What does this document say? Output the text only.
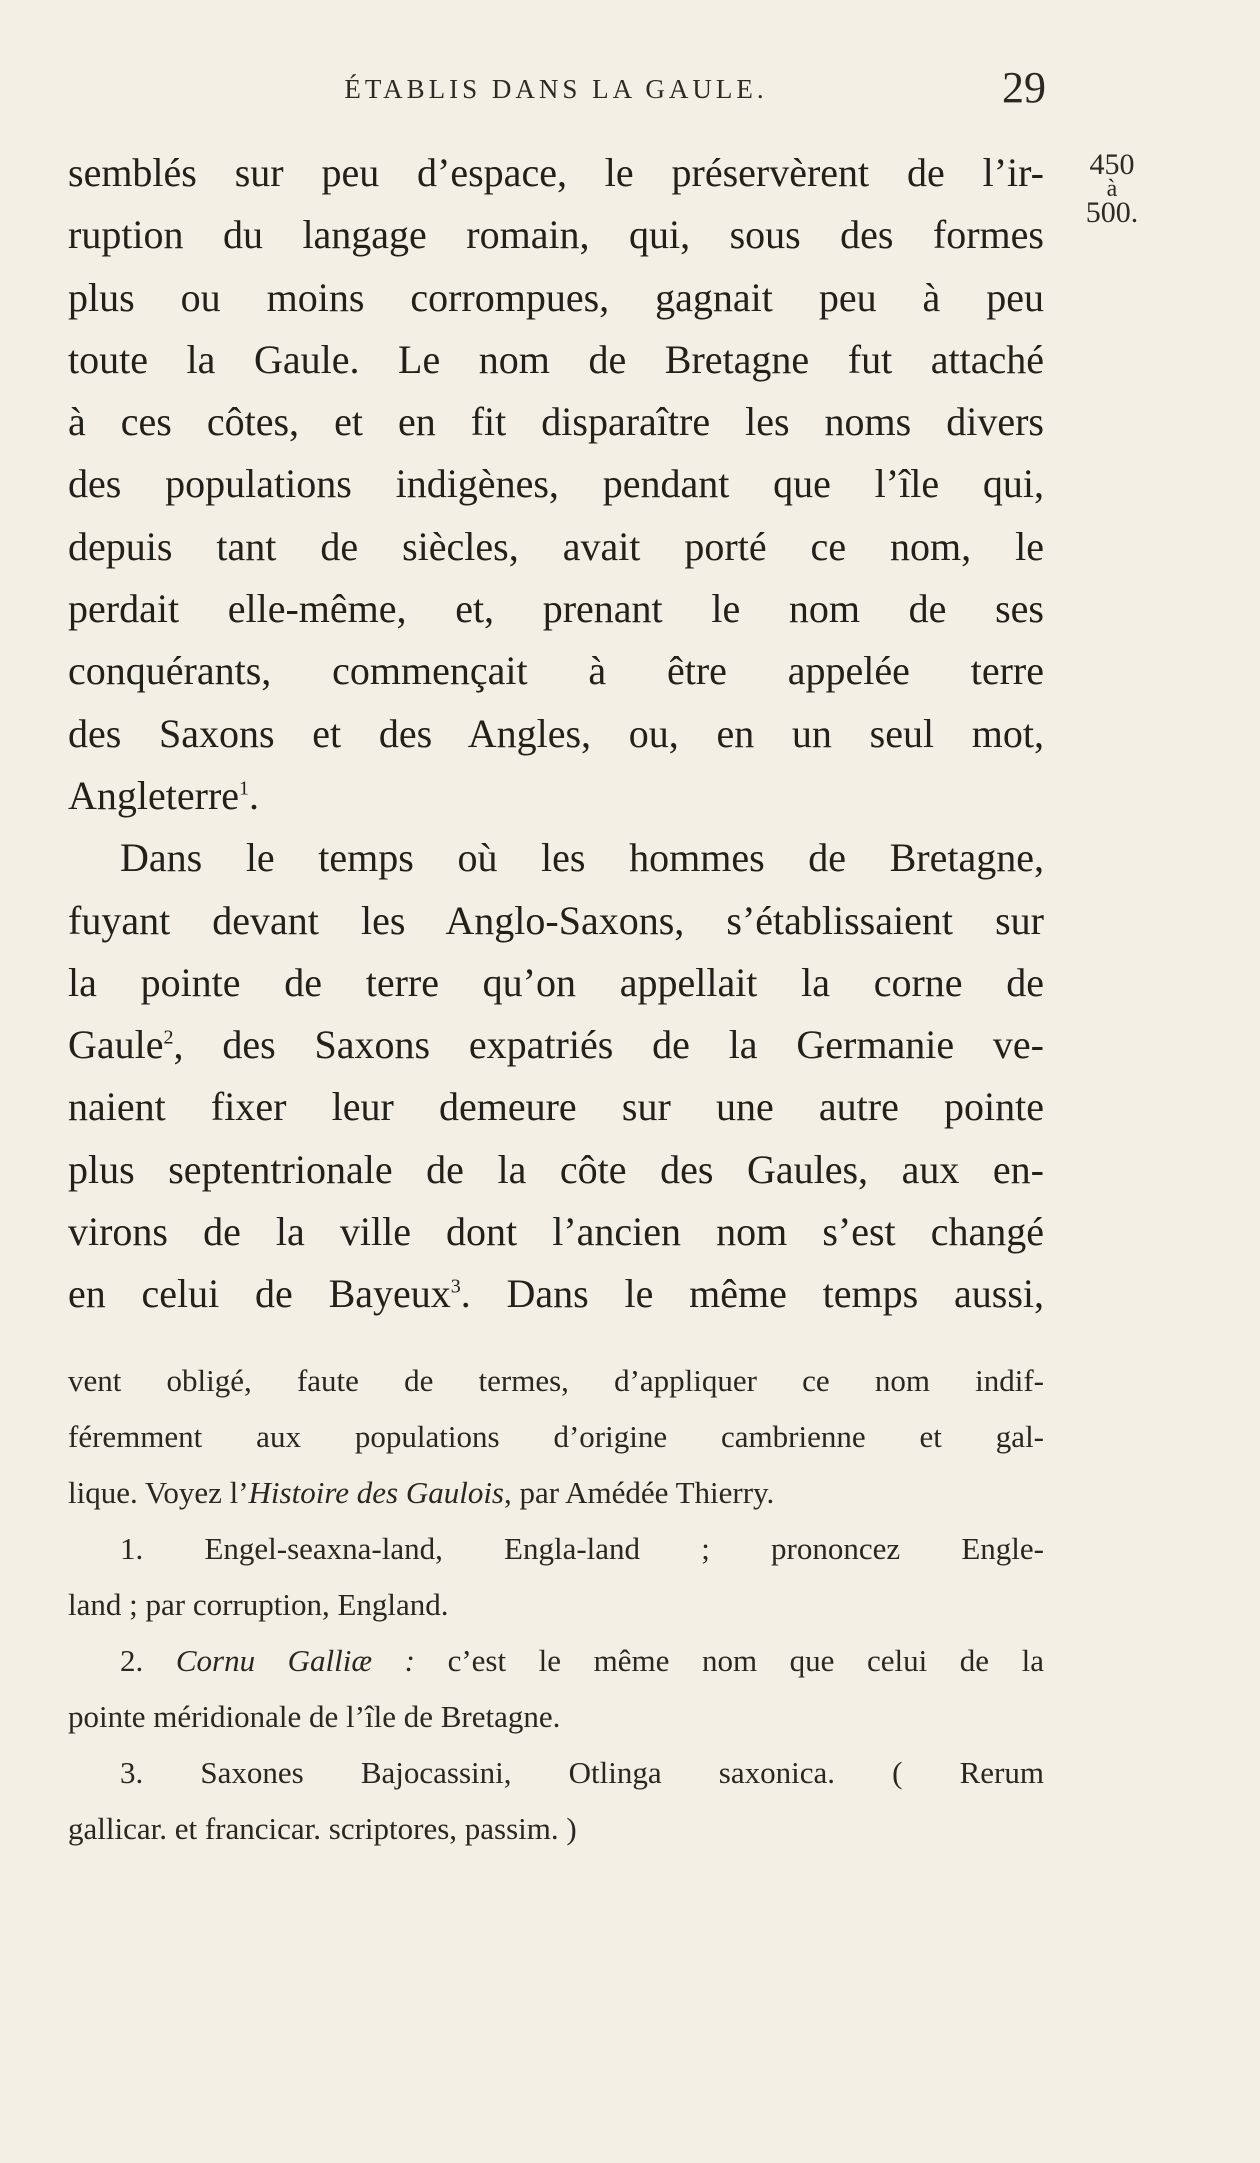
ÉTABLIS DANS LA GAULE.	29
450
à
500.

semblés sur peu d’espace, le préservèrent de l’ir-

ruption du langage romain, qui, sous des formes

plus ou moins corrompues, gagnait peu à peu

toute la Gaule. Le nom de Bretagne fut attaché

à ces côtes, et en fit disparaître les noms divers

des populations indigènes, pendant que l’île qui,

depuis tant de siècles, avait porté ce nom, le

perdait elle-même, et, prenant le nom de ses

conquérants, commençait à être appelée terre

des Saxons et des Angles, ou, en un seul mot,

Angleterre$^1$.

Dans le temps où les hommes de Bretagne,

fuyant devant les Anglo-Saxons, s’établissaient sur

la pointe de terre qu’on appellait la corne de

Gaule$^2$, des Saxons expatriés de la Germanie ve-

naient fixer leur demeure sur une autre pointe

plus septentrionale de la côte des Gaules, aux en-

virons de la ville dont l’ancien nom s’est changé

en celui de Bayeux$^3$. Dans le même temps aussi,

vent obligé, faute de termes, d’appliquer ce nom indif-

féremment aux populations d’origine cambrienne et gal-

lique. Voyez l’Histoire des Gaulois, par Amédée Thierry.

1. Engel-seaxna-land, Engla-land ; prononcez Engle-

land ; par corruption, England.

2. Cornu Galliæ : c’est le même nom que celui de la

pointe méridionale de l’île de Bretagne.

3. Saxones Bajocassini, Otlinga saxonica. ( Rerum

gallicar. et francicar. scriptores, passim. )
